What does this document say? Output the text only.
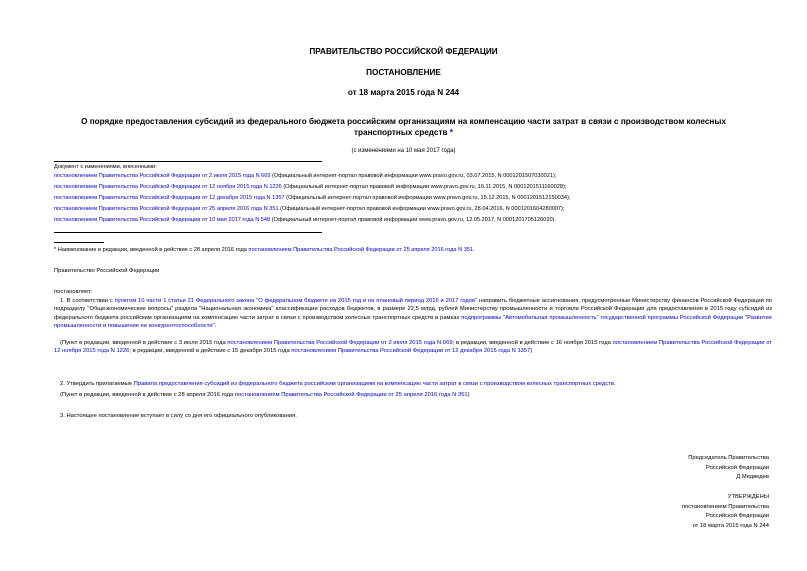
ПРАВИТЕЛЬСТВО РОССИЙСКОЙ ФЕДЕРАЦИИ
ПОСТАНОВЛЕНИЕ
от 18 марта 2015 года N 244
О порядке предоставления субсидий из федерального бюджета российским организациям на компенсацию части затрат в связи с производством колесных транспортных средств *
(с изменениями на 10 мая 2017 года)
Документ с изменениями, внесенными:
постановлением Правительства Российской Федерации от 2 июля 2015 года N 669 (Официальный интернет-портал правовой информации www.pravo.gov.ru, 03.07.2015, N 0001201507030021);
постановлением Правительства Российской Федерации от 12 ноября 2015 года N 1226 (Официальный интернет-портал правовой информации www.pravo.gov.ru, 16.11.2015, N 0001201511160028);
постановлением Правительства Российской Федерации от 12 декабря 2015 года N 1357 (Официальный интернет-портал правовой информации www.pravo.gov.ru, 15.12.2015, N 0001201512150034);
постановлением Правительства Российской Федерации от 25 апреля 2016 года N 351 (Официальный интернет-портал правовой информации www.pravo.gov.ru, 28.04.2016, N 0001201604280007);
постановлением Правительства Российской Федерации от 10 мая 2017 года N 548 (Официальный интернет-портал правовой информации www.pravo.gov.ru, 12.05.2017, N 0001201705120020).
* Наименование в редакции, введенной в действие с 28 апреля 2016 года постановлением Правительства Российской Федерации от 25 апреля 2016 года N 351.
Правительство Российской Федерации
постановляет:
1. В соответствии с пунктом 10 части 1 статьи 21 Федерального закона "О федеральном бюджете на 2015 год и на плановый период 2016 и 2017 годов" направить бюджетные ассигнования, предусмотренные Министерству финансов Российской Федерации по подразделу "Общеэкономические вопросы" раздела "Национальная экономика" классификации расходов бюджетов, в размере 22,5 млрд. рублей Министерству промышленности и торговли Российской Федерации для предоставления в 2015 году субсидий из федерального бюджета российским организациям на компенсацию части затрат в связи с производством колесных транспортных средств в рамках подпрограммы "Автомобильная промышленность" государственной программы Российской Федерации "Развитие промышленности и повышение ее конкурентоспособности".
(Пункт в редакции, введенной в действие с 3 июля 2015 года постановлением Правительства Российской Федерации от 2 июля 2015 года N 669; в редакции, введенной в действие с 16 ноября 2015 года постановлением Правительства Российской Федерации от 12 ноября 2015 года N 1226; в редакции, введенной в действие с 15 декабря 2015 года постановлением Правительства Российской Федерации от 12 декабря 2015 года N 1357)
2. Утвердить прилагаемые Правила предоставления субсидий из федерального бюджета российским организациям на компенсацию части затрат в связи с производством колесных транспортных средств.
(Пункт в редакции, введенной в действие с 28 апреля 2016 года постановлением Правительства Российской Федерации от 25 апреля 2016 года N 351)
3. Настоящее постановление вступает в силу со дня его официального опубликования.
Председатель Правительства
Российской Федерации
Д.Медведев
УТВЕРЖДЕНЫ
постановлением Правительства
Российской Федерации
от 18 марта 2015 года N 244
